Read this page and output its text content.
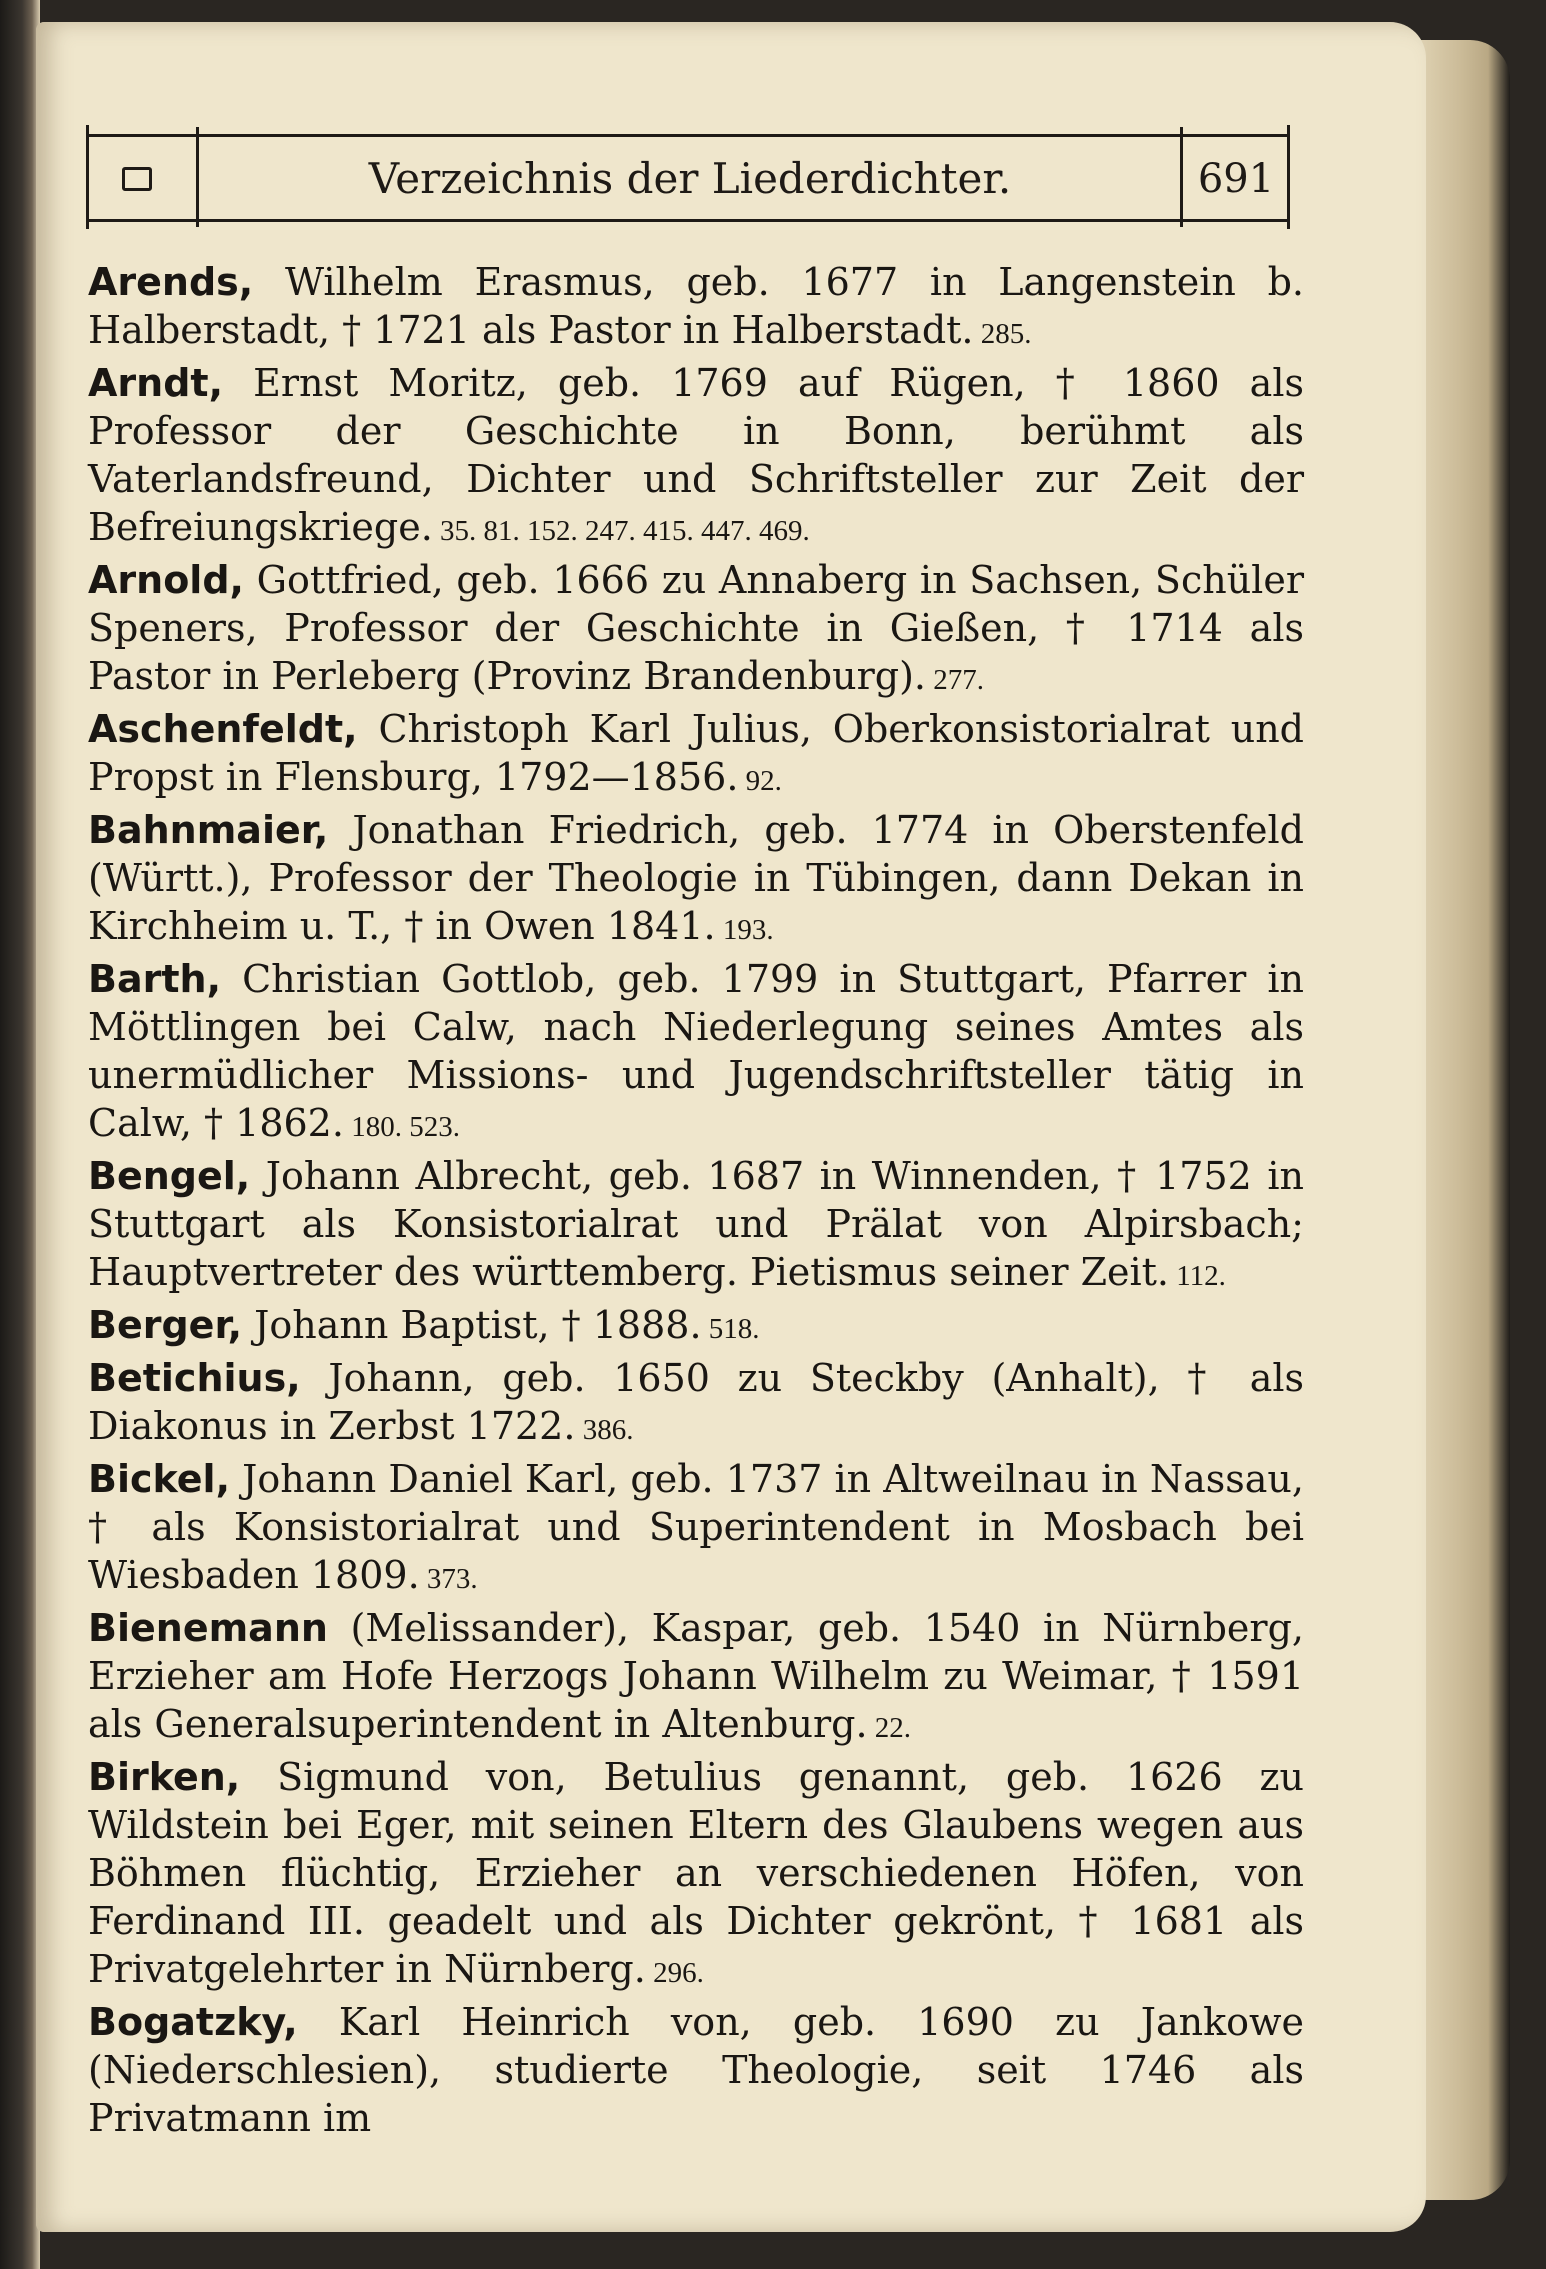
Verzeichnis der Liederdichter.	691

Arends, Wilhelm Erasmus, geb. 1677 in Langenstein b. Halberstadt, † 1721 als Pastor in Halberstadt. 285.

Arndt, Ernst Moritz, geb. 1769 auf Rügen, † 1860 als Professor der Geschichte in Bonn, berühmt als Vaterlandsfreund, Dichter und Schriftsteller zur Zeit der Befreiungskriege. 35. 81. 152. 247. 415. 447. 469.

Arnold, Gottfried, geb. 1666 zu Annaberg in Sachsen, Schüler Speners, Professor der Geschichte in Gießen, † 1714 als Pastor in Perleberg (Provinz Brandenburg). 277.

Aschenfeldt, Christoph Karl Julius, Oberkonsistorialrat und Propst in Flensburg, 1792—1856. 92.

Bahnmaier, Jonathan Friedrich, geb. 1774 in Oberstenfeld (Württ.), Professor der Theologie in Tübingen, dann Dekan in Kirchheim u. T., † in Owen 1841. 193.

Barth, Christian Gottlob, geb. 1799 in Stuttgart, Pfarrer in Möttlingen bei Calw, nach Niederlegung seines Amtes als unermüdlicher Missions- und Jugendschriftsteller tätig in Calw, † 1862. 180. 523.

Bengel, Johann Albrecht, geb. 1687 in Winnenden, † 1752 in Stuttgart als Konsistorialrat und Prälat von Alpirsbach; Hauptvertreter des württemberg. Pietismus seiner Zeit. 112.

Berger, Johann Baptist, † 1888. 518.

Betichius, Johann, geb. 1650 zu Steckby (Anhalt), † als Diakonus in Zerbst 1722. 386.

Bickel, Johann Daniel Karl, geb. 1737 in Altweilnau in Nassau, † als Konsistorialrat und Superintendent in Mosbach bei Wiesbaden 1809. 373.

Bienemann (Melissander), Kaspar, geb. 1540 in Nürnberg, Erzieher am Hofe Herzogs Johann Wilhelm zu Weimar, † 1591 als Generalsuperintendent in Altenburg. 22.

Birken, Sigmund von, Betulius genannt, geb. 1626 zu Wildstein bei Eger, mit seinen Eltern des Glaubens wegen aus Böhmen flüchtig, Erzieher an verschiedenen Höfen, von Ferdinand III. geadelt und als Dichter gekrönt, † 1681 als Privatgelehrter in Nürnberg. 296.

Bogatzky, Karl Heinrich von, geb. 1690 zu Jankowe (Niederschlesien), studierte Theologie, seit 1746 als Privatmann im
